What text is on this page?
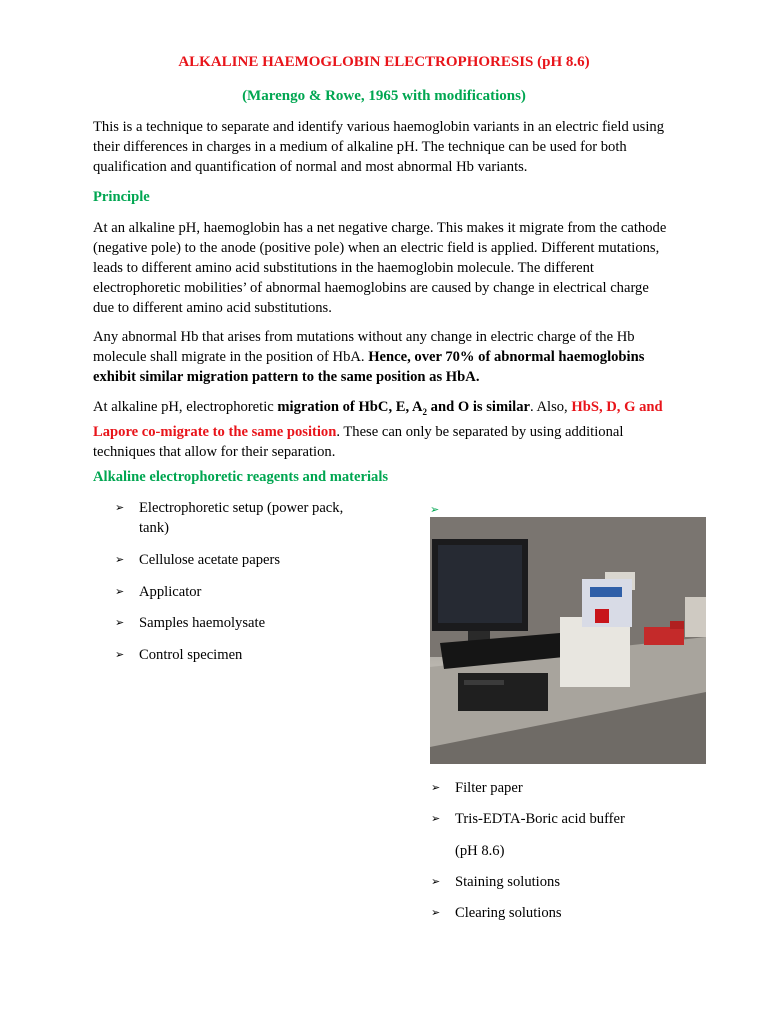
ALKALINE HAEMOGLOBIN ELECTROPHORESIS (pH 8.6)
(Marengo & Rowe, 1965 with modifications)

This is a technique to separate and identify various haemoglobin variants in an electric field using their differences in charges in a medium of alkaline pH. The technique can be used for both qualification and quantification of normal and most abnormal Hb variants.

Principle

At an alkaline pH, haemoglobin has a net negative charge. This makes it migrate from the cathode (negative pole) to the anode (positive pole) when an electric field is applied. Different mutations, leads to different amino acid substitutions in the haemoglobin molecule. The different electrophoretic mobilities’ of abnormal haemoglobins are caused by change in electrical charge due to different amino acid substitutions.

Any abnormal Hb that arises from mutations without any change in electric charge of the Hb molecule shall migrate in the position of HbA. Hence, over 70% of abnormal haemoglobins exhibit similar migration pattern to the same position as HbA.

At alkaline pH, electrophoretic migration of HbC, E, $A_2$ and O is similar. Also, HbS, D, G and Lapore co-migrate to the same position. These can only be separated by using additional techniques that allow for their separation.

Alkaline electrophoretic reagents and materials
➢ Electrophoretic setup (power pack, tank)
➢ Cellulose acetate papers
➢ Applicator
➢ Samples haemolysate
➢ Control specimen
➢
➢ Filter paper
➢ Tris-EDTA-Boric acid buffer
(pH 8.6)
➢ Staining solutions
➢ Clearing solutions
